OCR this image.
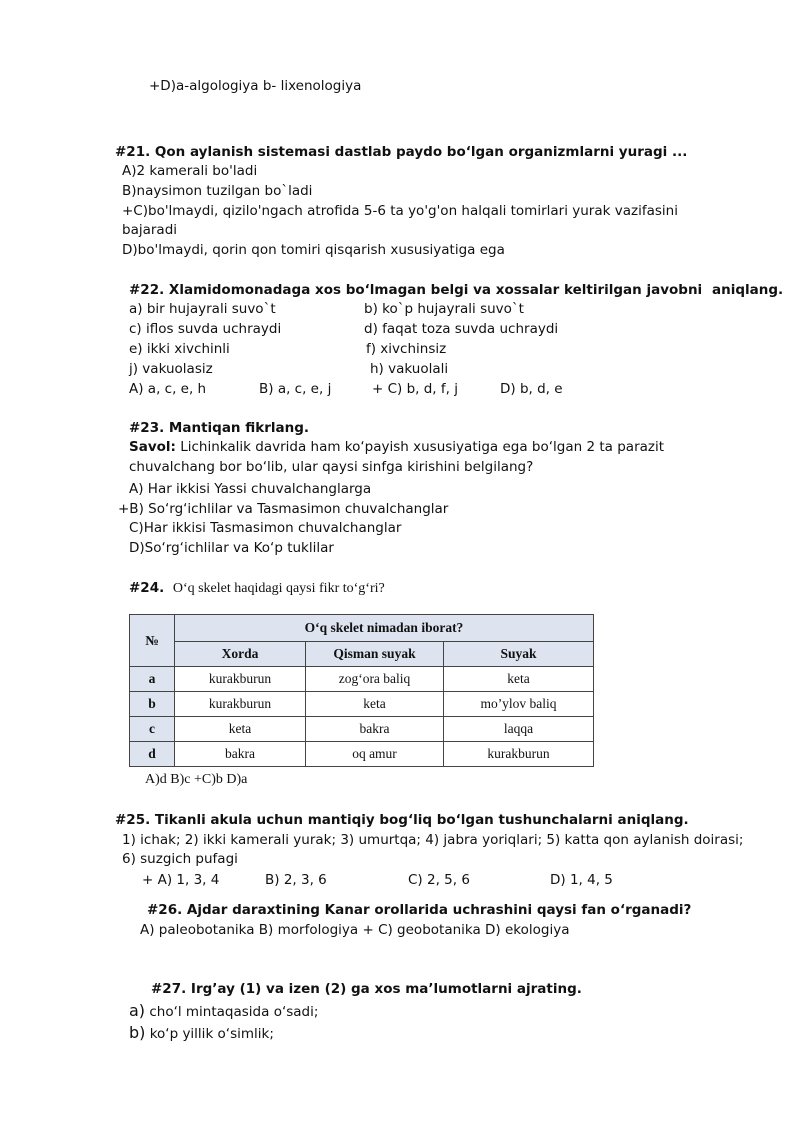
+D)a-algologiya b- lixenologiya
#21. Qon aylanish sistemasi dastlab paydo bo‘lgan organizmlarni yuragi ...
A)2 kamerali bo'ladi
B)naysimon tuzilgan bo`ladi
+C)bo'lmaydi, qizilo'ngach atrofida 5-6 ta yo'g'on halqali tomirlari yurak vazifasini
bajaradi
D)bo'lmaydi, qorin qon tomiri qisqarish xususiyatiga ega
#22. Xlamidomonadaga xos bo‘lmagan belgi va xossalar keltirilgan javobni aniqlang.
a) bir hujayrali suvo`t	b) ko`p hujayrali suvo`t
c) iflos suvda uchraydi	d) faqat toza suvda uchraydi
e) ikki xivchinli	f) xivchinsiz
j) vakuolasiz	h) vakuolali
A) a, c, e, h	B) a, c, e, j	+ C) b, d, f, j	D) b, d, e
#23. Mantiqan fikrlang.
Savol: Lichinkalik davrida ham ko‘payish xususiyatiga ega bo‘lgan 2 ta parazit
chuvalchang bor bo‘lib, ular qaysi sinfga kirishini belgilang?
A) Har ikkisi Yassi chuvalchanglarga
+B) So‘rg‘ichlilar va Tasmasimon chuvalchanglar
C)Har ikkisi Tasmasimon chuvalchanglar
D)So‘rg‘ichlilar va Ko‘p tuklilar
#24. O‘q skelet haqidagi qaysi fikr to‘g‘ri?
№	O‘q skelet nimadan iborat?		
	Xorda	Qisman suyak	Suyak
a	kurakburun	zog‘ora baliq	keta
b	kurakburun	keta	mo’ylov baliq
c	keta	bakra	laqqa
d	bakra	oq amur	kurakburun
A)d B)c +C)b D)a
#25. Tikanli akula uchun mantiqiy bog‘liq bo‘lgan tushunchalarni aniqlang.
1) ichak; 2) ikki kamerali yurak; 3) umurtqa; 4) jabra yoriqlari; 5) katta qon aylanish doirasi;
6) suzgich pufagi
+ A) 1, 3, 4	B) 2, 3, 6	C) 2, 5, 6	D) 1, 4, 5
#26. Ajdar daraxtining Kanar orollarida uchrashini qaysi fan o‘rganadi?
A) paleobotanika B) morfologiya + C) geobotanika D) ekologiya
#27. Irg’ay (1) va izen (2) ga xos ma’lumotlarni ajrating.
a) cho‘l mintaqasida o‘sadi;
b) ko‘p yillik o‘simlik;
